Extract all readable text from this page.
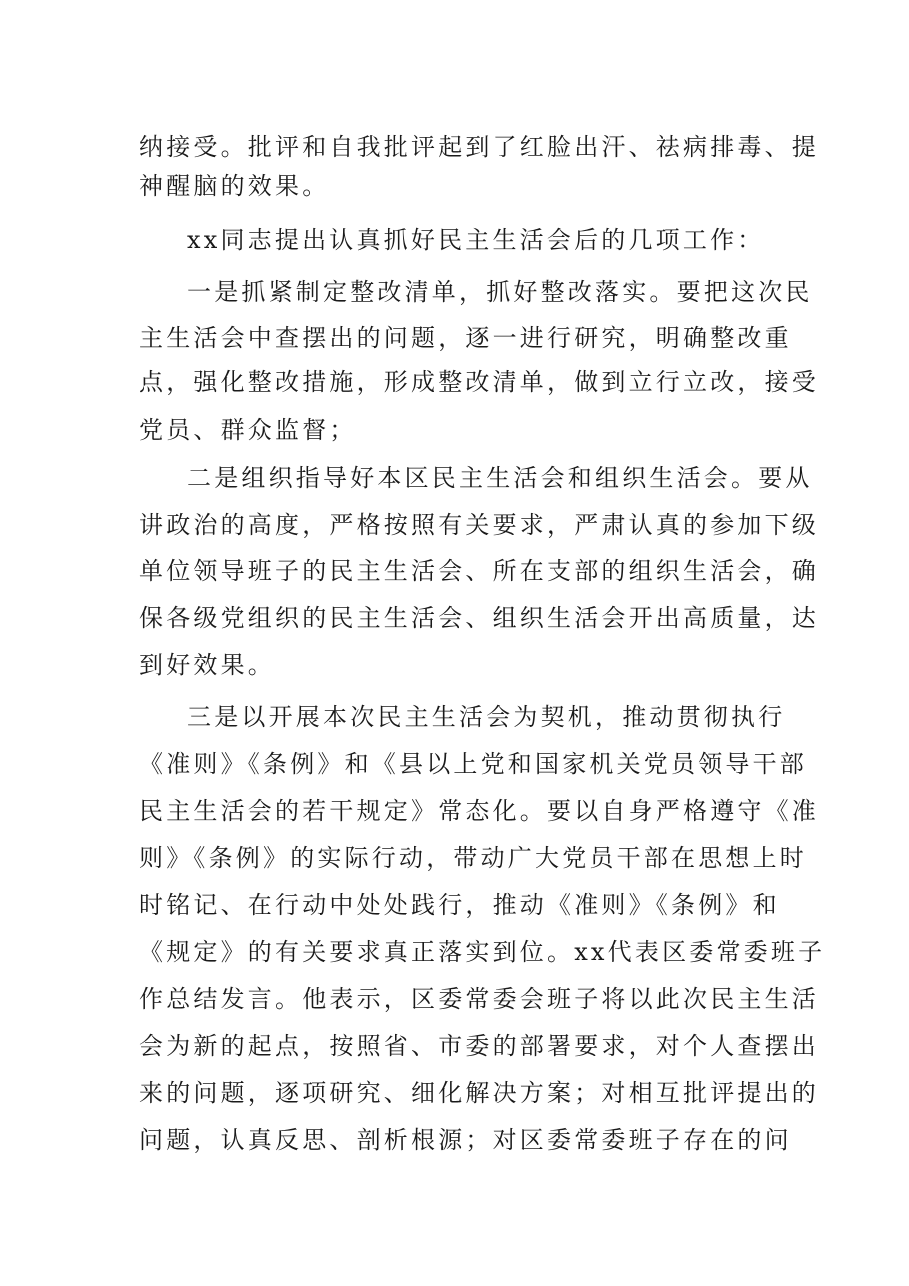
纳接受。批评和自我批评起到了红脸出汗、祛病排毒、提
神醒脑的效果。
xx同志提出认真抓好民主生活会后的几项工作：
一是抓紧制定整改清单，抓好整改落实。要把这次民
主生活会中查摆出的问题，逐一进行研究，明确整改重
点，强化整改措施，形成整改清单，做到立行立改，接受
党员、群众监督；
二是组织指导好本区民主生活会和组织生活会。要从
讲政治的高度，严格按照有关要求，严肃认真的参加下级
单位领导班子的民主生活会、所在支部的组织生活会，确
保各级党组织的民主生活会、组织生活会开出高质量，达
到好效果。
三是以开展本次民主生活会为契机，推动贯彻执行
《准则》《条例》和《县以上党和国家机关党员领导干部
民主生活会的若干规定》常态化。要以自身严格遵守《准
则》《条例》的实际行动，带动广大党员干部在思想上时
时铭记、在行动中处处践行，推动《准则》《条例》和
《规定》的有关要求真正落实到位。xx代表区委常委班子
作总结发言。他表示，区委常委会班子将以此次民主生活
会为新的起点，按照省、市委的部署要求，对个人查摆出
来的问题，逐项研究、细化解决方案；对相互批评提出的
问题，认真反思、剖析根源；对区委常委班子存在的问
